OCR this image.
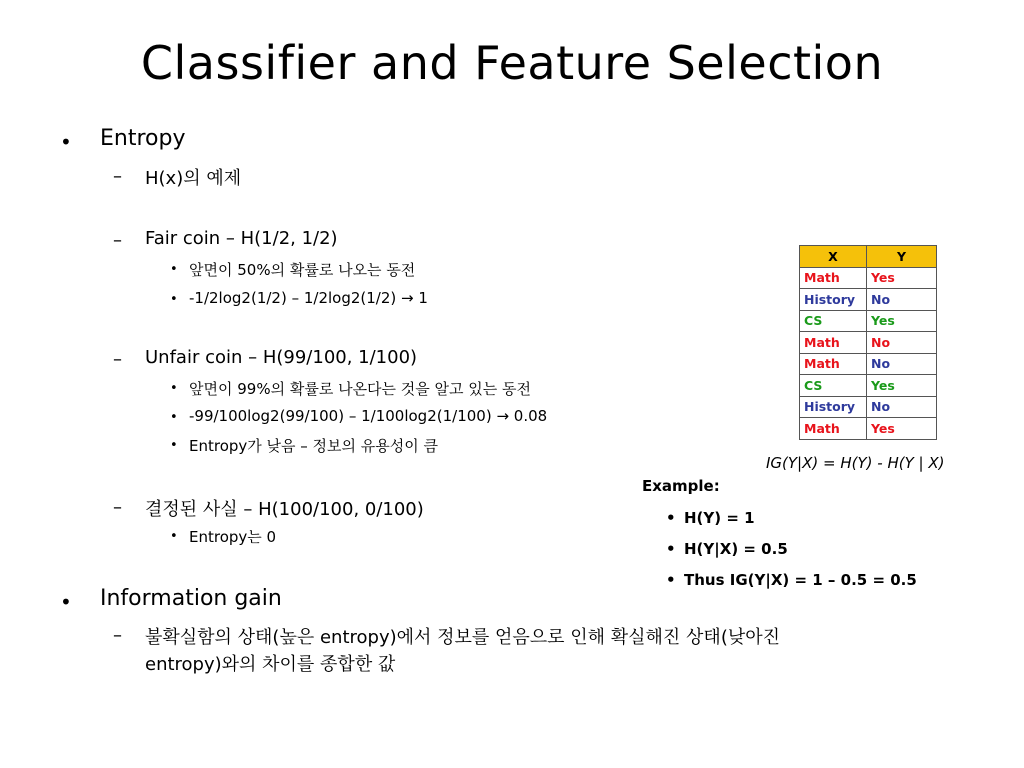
Classifier and Feature Selection
• Entropy
– H(x)의 예제
– Fair coin – H(1/2, 1/2)
• 앞면이 50%의 확률로 나오는 동전
• -1/2log2(1/2) – 1/2log2(1/2) → 1
– Unfair coin – H(99/100, 1/100)
• 앞면이 99%의 확률로 나온다는 것을 알고 있는 동전
• -99/100log2(99/100) – 1/100log2(1/100) → 0.08
• Entropy가 낮음 – 정보의 유용성이 큼
– 결정된 사실 – H(100/100, 0/100)
• Entropy는 0
• Information gain
– 불확실함의 상태(높은 entropy)에서 정보를 얻음으로 인해 확실해진 상태(낮아진
entropy)와의 차이를 종합한 값
X	Y
Math	Yes
History	No
CS	Yes
Math	No
Math	No
CS	Yes
History	No
Math	Yes
IG(Y|X) = H(Y) - H(Y | X)
Example:
• H(Y) = 1
• H(Y|X) = 0.5
• Thus IG(Y|X) = 1 – 0.5 = 0.5
